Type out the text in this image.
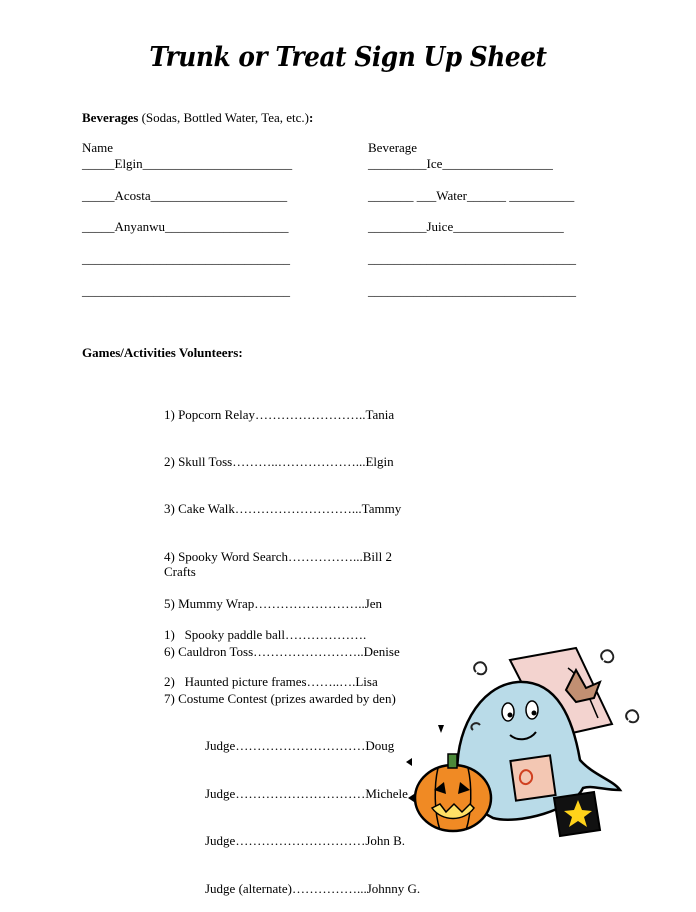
Trunk or Treat Sign Up Sheet
Beverages (Sodas, Bottled Water, Tea, etc.):
Name	Beverage
_____Elgin_______________________	_________Ice_________________
_____Acosta_____________________	_______ ___Water______ __________
_____Anyanwu___________________	_________Juice_________________
________________________________	________________________________
________________________________	________________________________
Games/Activities Volunteers:

1) Popcorn Relay……………………..Tania

2) Skull Toss………..………………...Elgin

3) Cake Walk………………………...Tammy

4) Spooky Word Search……………...Bill 2

5) Mummy Wrap……………………..Jen

6) Cauldron Toss……………………..Denise

7) Costume Contest (prizes awarded by den)

Judge…………………………Doug

Judge…………………………Michele

Judge…………………………John B.

Judge (alternate)……………...Johnny G.

Crafts

1)   Spooky paddle ball……………….

2)   Haunted picture frames……..….Lisa
